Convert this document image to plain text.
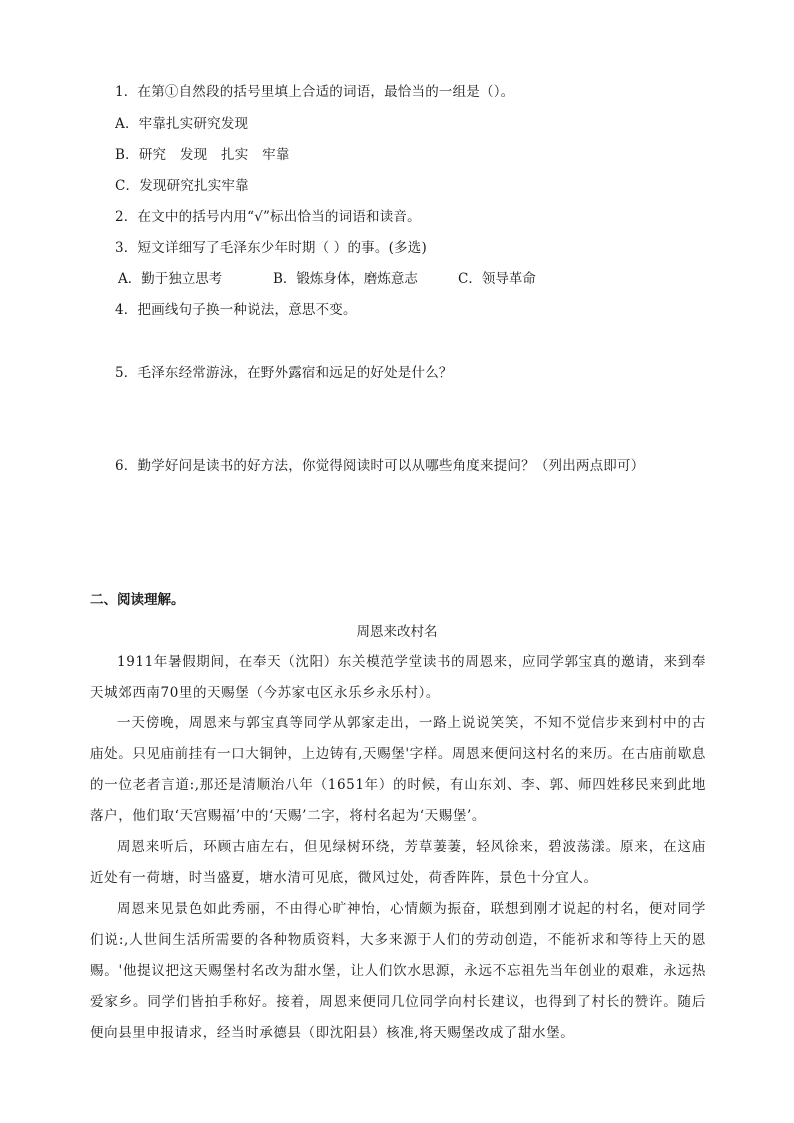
1．在第①自然段的括号里填上合适的词语，最恰当的一组是（）。
A．牢靠扎实研究发现
B．研究　发现　扎实　牢靠
C．发现研究扎实牢靠
2．在文中的括号内用“√”标出恰当的词语和读音。
3．短文详细写了毛泽东少年时期（ ）的事。(多选)
A．勤于独立思考	B．锻炼身体，磨炼意志	C．领导革命
4．把画线句子换一种说法，意思不变。
5．毛泽东经常游泳，在野外露宿和远足的好处是什么？
6．勤学好问是读书的好方法，你觉得阅读时可以从哪些角度来提问？（列出两点即可）
二、阅读理解。
周恩来改村名
1911年暑假期间，在奉天（沈阳）东关模范学堂读书的周恩来，应同学郭宝真的邀请，来到奉天城郊西南70里的天赐堡（今苏家屯区永乐乡永乐村）。
一天傍晚，周恩来与郭宝真等同学从郭家走出，一路上说说笑笑，不知不觉信步来到村中的古庙处。只见庙前挂有一口大铜钟，上边铸有,天赐堡'字样。周恩来便问这村名的来历。在古庙前歇息的一位老者言道:,那还是清顺治八年（1651年）的时候，有山东刘、李、郭、师四姓移民来到此地落户，他们取‘天宫赐福’中的‘天赐’二字，将村名起为‘天赐堡’。
周恩来听后，环顾古庙左右，但见绿树环绕，芳草萋萋，轻风徐来，碧波荡漾。原来，在这庙近处有一荷塘，时当盛夏，塘水清可见底，微风过处，荷香阵阵，景色十分宜人。
周恩来见景色如此秀丽，不由得心旷神怡，心情颇为振奋，联想到刚才说起的村名，便对同学们说:,人世间生活所需要的各种物质资料，大多来源于人们的劳动创造，不能祈求和等待上天的恩赐。'他提议把这天赐堡村名改为甜水堡，让人们饮水思源，永远不忘祖先当年创业的艰难，永远热爱家乡。同学们皆拍手称好。接着，周恩来便同几位同学向村长建议，也得到了村长的赞许。随后便向县里申报请求，经当时承德县（即沈阳县）核准,将天赐堡改成了甜水堡。
